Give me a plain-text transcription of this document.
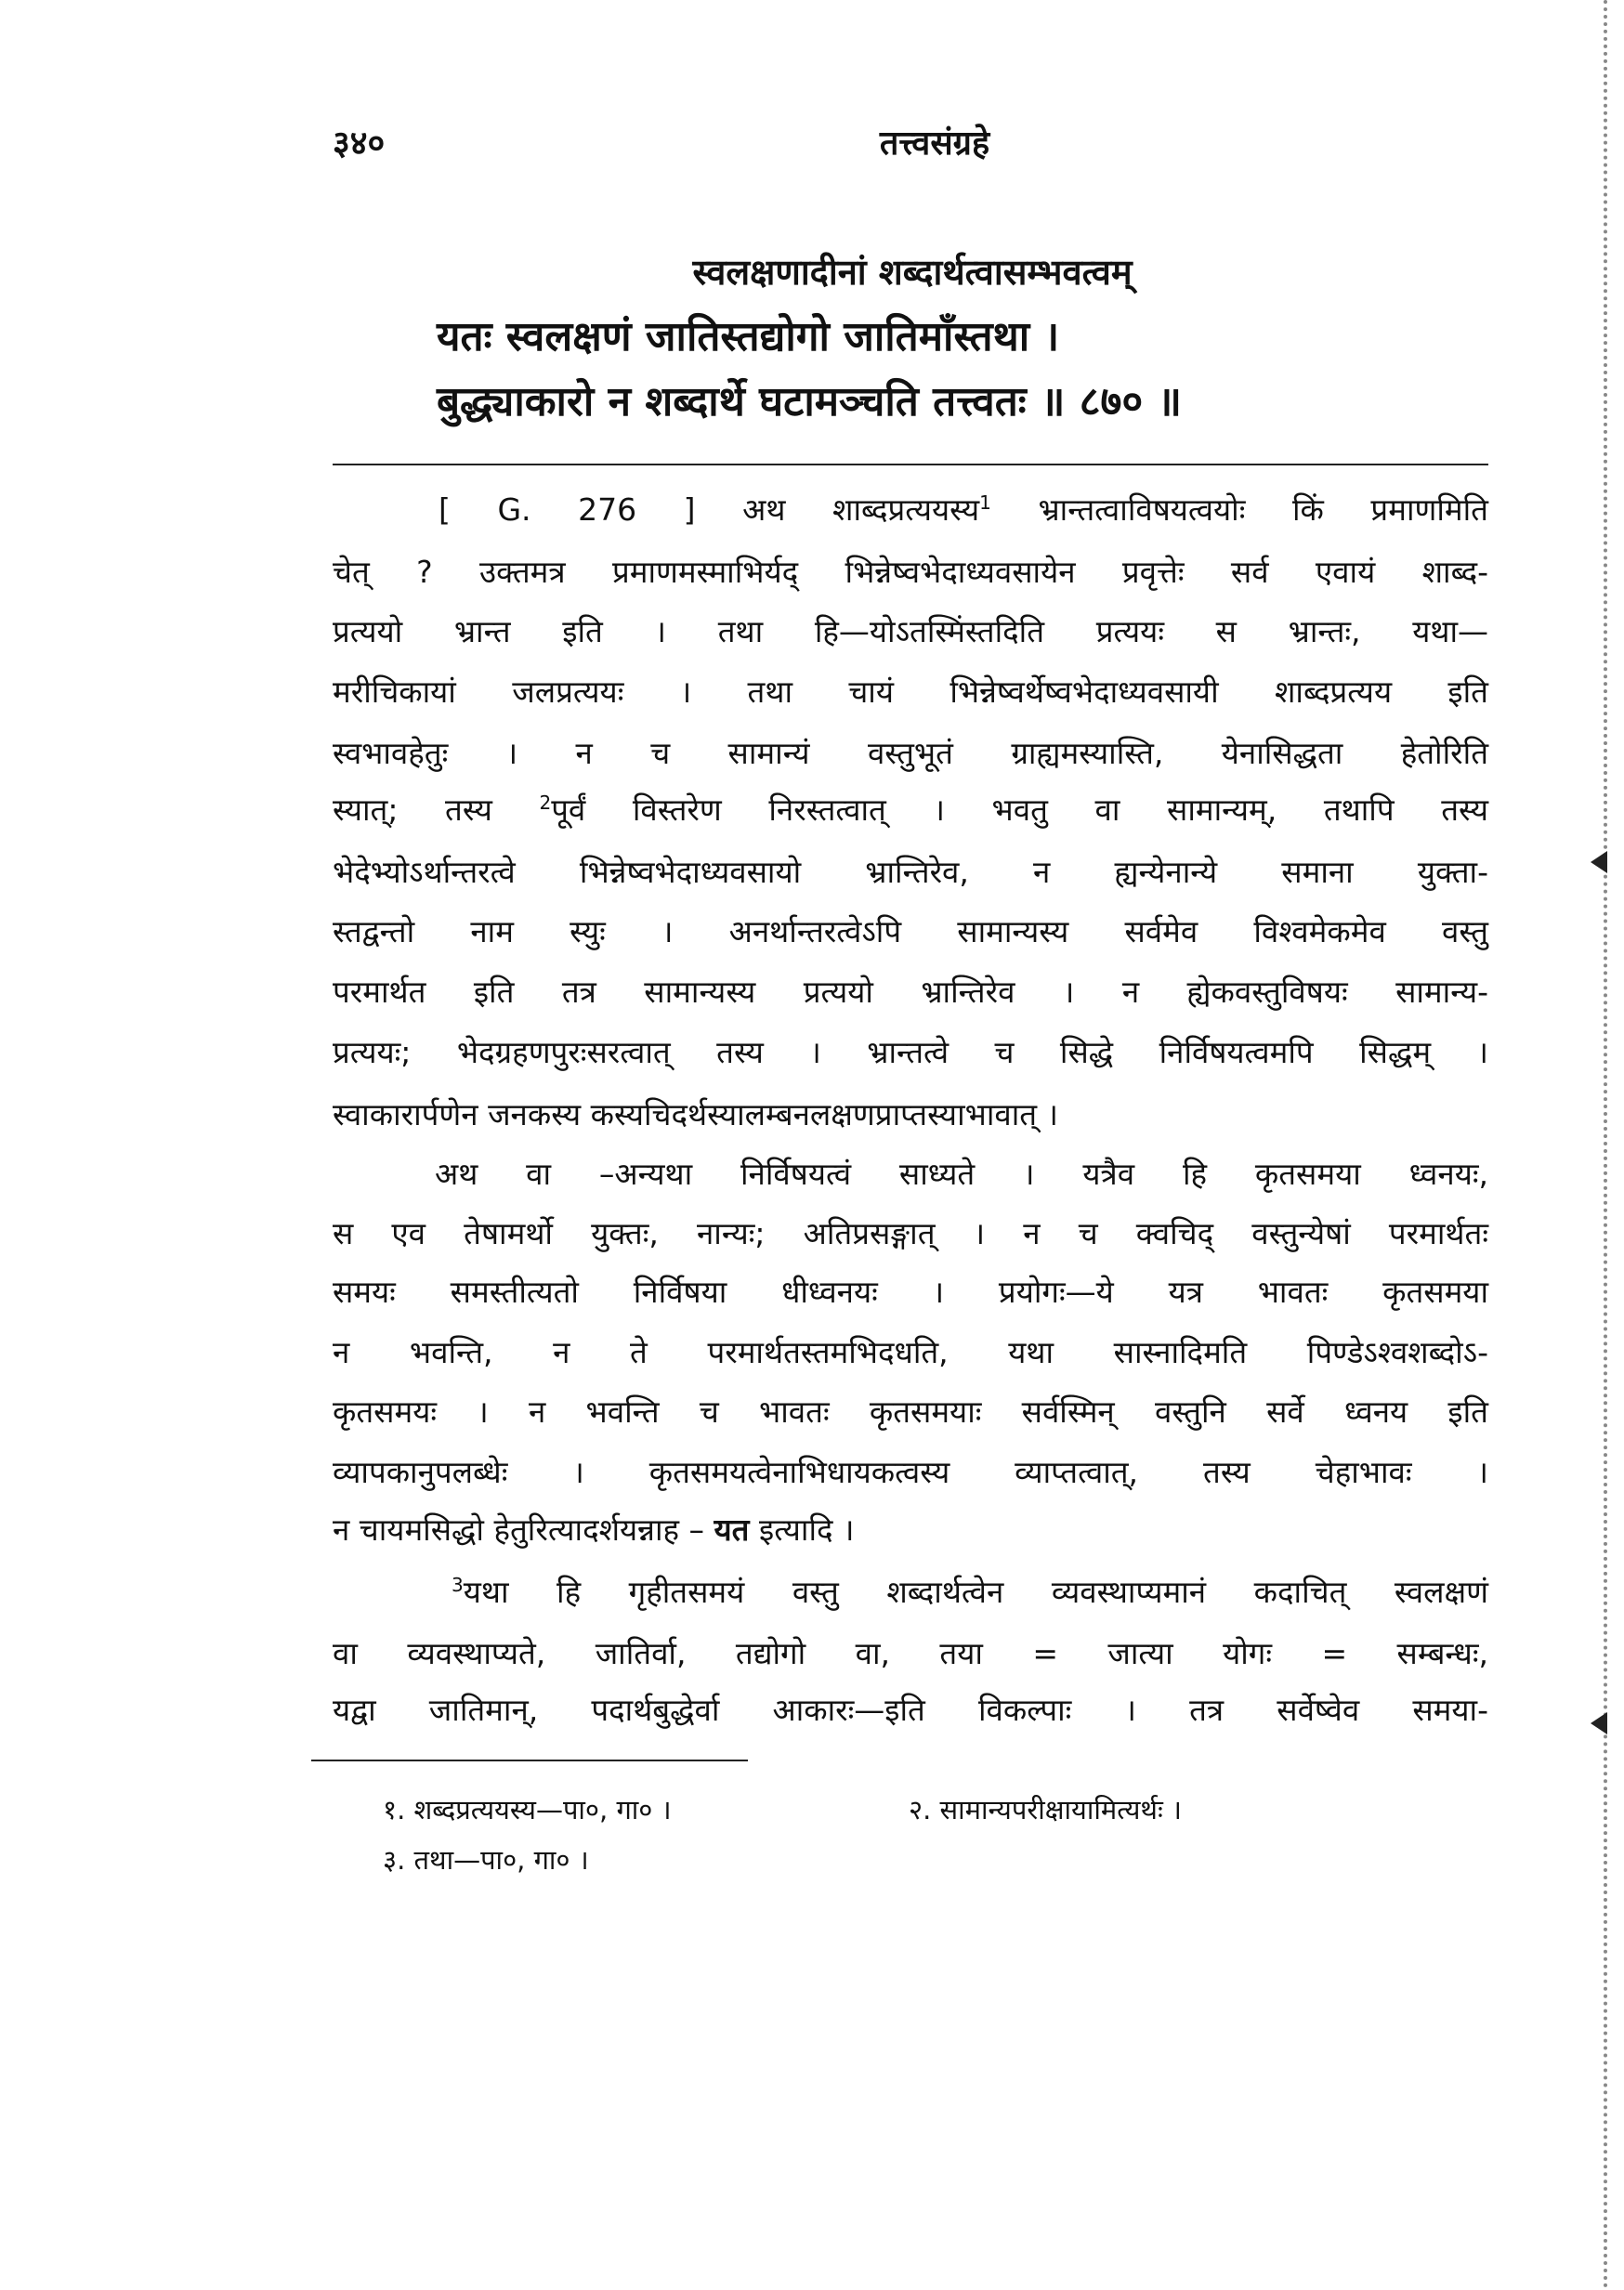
३४०	तत्त्वसंग्रहे
स्वलक्षणादीनां शब्दार्थत्वासम्भवत्वम्
यतः स्वलक्षणं जातिस्तद्योगो जातिमाँस्तथा ।
बुद्ध्याकारो न शब्दार्थे घटामञ्चति तत्त्वतः ॥ ८७० ॥
[ G. 276 ] अथ शाब्दप्रत्ययस्य$^1$ भ्रान्तत्वाविषयत्वयोः किं प्रमाणमिति
चेत् ? उक्तमत्र प्रमाणमस्माभिर्यद् भिन्नेष्वभेदाध्यवसायेन प्रवृत्तेः सर्व एवायं शाब्द-
प्रत्ययो भ्रान्त इति । तथा हि—योऽतस्मिंस्तदिति प्रत्ययः स भ्रान्तः, यथा—
मरीचिकायां जलप्रत्ययः । तथा चायं भिन्नेष्वर्थेष्वभेदाध्यवसायी शाब्दप्रत्यय इति
स्वभावहेतुः । न च सामान्यं वस्तुभूतं ग्राह्यमस्यास्ति, येनासिद्धता हेतोरिति
स्यात्; तस्य $^2$पूर्वं विस्तरेण निरस्तत्वात् । भवतु वा सामान्यम्, तथापि तस्य
भेदेभ्योऽर्थान्तरत्वे भिन्नेष्वभेदाध्यवसायो भ्रान्तिरेव, न ह्यन्येनान्ये समाना युक्ता-
स्तद्वन्तो नाम स्युः । अनर्थान्तरत्वेऽपि सामान्यस्य सर्वमेव विश्वमेकमेव वस्तु
परमार्थत इति तत्र सामान्यस्य प्रत्ययो भ्रान्तिरेव । न ह्येकवस्तुविषयः सामान्य-
प्रत्ययः; भेदग्रहणपुरःसरत्वात् तस्य । भ्रान्तत्वे च सिद्धे निर्विषयत्वमपि सिद्धम् ।
स्वाकारार्पणेन जनकस्य कस्यचिदर्थस्यालम्बनलक्षणप्राप्तस्याभावात् ।
अथ वा –अन्यथा निर्विषयत्वं साध्यते । यत्रैव हि कृतसमया ध्वनयः,
स एव तेषामर्थो युक्तः, नान्यः; अतिप्रसङ्गात् । न च क्वचिद् वस्तुन्येषां परमार्थतः
समयः समस्तीत्यतो निर्विषया धीध्वनयः । प्रयोगः—ये यत्र भावतः कृतसमया
न भवन्ति, न ते परमार्थतस्तमभिदधति, यथा सास्नादिमति पिण्डेऽश्वशब्दोऽ-
कृतसमयः । न भवन्ति च भावतः कृतसमयाः सर्वस्मिन् वस्तुनि सर्वे ध्वनय इति
व्यापकानुपलब्धेः । कृतसमयत्वेनाभिधायकत्वस्य व्याप्तत्वात्, तस्य चेहाभावः ।
न चायमसिद्धो हेतुरित्यादर्शयन्नाह – यत इत्यादि ।
$^3$यथा हि गृहीतसमयं वस्तु शब्दार्थत्वेन व्यवस्थाप्यमानं कदाचित् स्वलक्षणं
वा व्यवस्थाप्यते, जातिर्वा, तद्योगो वा, तया = जात्या योगः = सम्बन्धः,
यद्वा जातिमान्, पदार्थबुद्धेर्वा आकारः—इति विकल्पाः । तत्र सर्वेष्वेव समया-
१. शब्दप्रत्ययस्य—पा०, गा० ।	२. सामान्यपरीक्षायामित्यर्थः ।
३. तथा—पा०, गा० ।
